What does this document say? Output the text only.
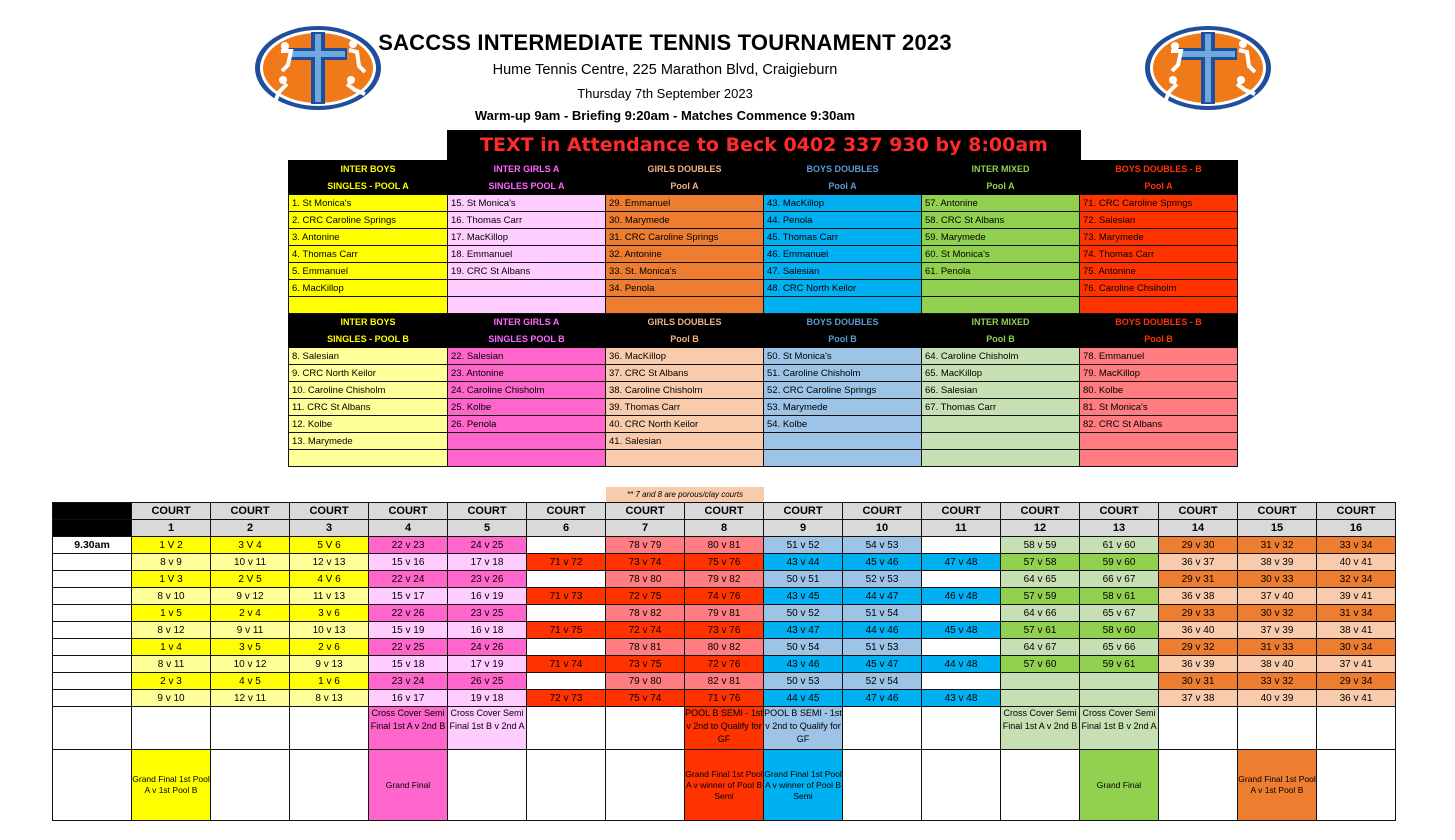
SACCSS INTERMEDIATE TENNIS TOURNAMENT 2023
Hume Tennis Centre, 225 Marathon Blvd, Craigieburn
Thursday 7th September 2023
Warm-up 9am - Briefing 9:20am - Matches Commence 9:30am
TEXT in Attendance to Beck 0402 337 930 by 8:00am
INTER BOYS	INTER GIRLS A	GIRLS DOUBLES	BOYS DOUBLES	INTER MIXED	BOYS DOUBLES - B
SINGLES - POOL A	SINGLES POOL A	Pool A	Pool A	Pool A	Pool A
1. St Monica's	15. St Monica's	29. Emmanuel	43. MacKillop	57. Antonine	71. CRC Caroline Springs
2. CRC Caroline Springs	16. Thomas Carr	30. Marymede	44. Penola	58. CRC St Albans	72. Salesian
3. Antonine	17. MacKillop	31. CRC Caroline Springs	45. Thomas Carr	59. Marymede	73. Marymede
4. Thomas Carr	18. Emmanuel	32. Antonine	46. Emmanuel	60. St Monica's	74. Thomas Carr
5. Emmanuel	19. CRC St Albans	33. St. Monica's	47. Salesian	61. Penola	75. Antonine
6. MacKillop		34. Penola	48. CRC North Keilor		76. Caroline Chsiholm

INTER BOYS	INTER GIRLS A	GIRLS DOUBLES	BOYS DOUBLES	INTER MIXED	BOYS DOUBLES - B
SINGLES - POOL B	SINGLES POOL B	Pool B	Pool B	Pool B	Pool B
8. Salesian	22. Salesian	36. MacKillop	50. St Monica's	64. Caroline Chisholm	78. Emmanuel
9. CRC North Keilor	23. Antonine	37. CRC St Albans	51. Caroline Chisholm	65. MacKillop	79. MacKillop
10. Caroline Chisholm	24. Caroline Chisholm	38. Caroline Chisholm	52. CRC Caroline Springs	66. Salesian	80. Kolbe
11. CRC St Albans	25. Kolbe	39. Thomas Carr	53. Marymede	67. Thomas Carr	81. St Monica's
12. Kolbe	26. Penola	40. CRC North Keilor	54. Kolbe		82. CRC St Albans
13. Marymede		41. Salesian			

** 7 and 8 are porous/clay courts
	COURT	COURT	COURT	COURT	COURT	COURT	COURT	COURT	COURT	COURT	COURT	COURT	COURT	COURT	COURT	COURT
	1	2	3	4	5	6	7	8	9	10	11	12	13	14	15	16
9.30am	1 V 2	3 V 4	5 V 6	22 v 23	24 v 25		78 v 79	80 v 81	51 v 52	54 v 53		58 v 59	61 v 60	29 v 30	31 v 32	33 v 34
	8 v 9	10 v 11	12 v 13	15 v 16	17 v 18	71 v 72	73 v 74	75 v 76	43 v 44	45 v 46	47 v 48	57 v 58	59 v 60	36 v 37	38 v 39	40 v 41
	1 V 3	2 V 5	4 V 6	22 v 24	23 v 26		78 v 80	79 v 82	50 v 51	52 v 53		64 v 65	66 v 67	29 v 31	30 v 33	32 v 34
	8 v 10	9 v 12	11 v 13	15 v 17	16 v 19	71 v 73	72 v 75	74 v 76	43 v 45	44 v 47	46 v 48	57 v 59	58 v 61	36 v 38	37 v 40	39 v 41
	1 v 5	2 v 4	3 v 6	22 v 26	23 v 25		78 v 82	79 v 81	50 v 52	51 v 54		64 v 66	65 v 67	29 v 33	30 v 32	31 v 34
	8 v 12	9 v 11	10 v 13	15 v 19	16 v 18	71 v 75	72 v 74	73 v 76	43 v 47	44 v 46	45 v 48	57 v 61	58 v 60	36 v 40	37 v 39	38 v 41
	1 v 4	3 v 5	2 v 6	22 v 25	24 v 26		78 v 81	80 v 82	50 v 54	51 v 53		64 v 67	65 v 66	29 v 32	31 v 33	30 v 34
	8 v 11	10 v 12	9 v 13	15 v 18	17 v 19	71 v 74	73 v 75	72 v 76	43 v 46	45 v 47	44 v 48	57 v 60	59 v 61	36 v 39	38 v 40	37 v 41
	2 v 3	4 v 5	1 v 6	23 v 24	26 v 25		79 v 80	82 v 81	50 v 53	52 v 54				30 v 31	33 v 32	29 v 34
	9 v 10	12 v 11	8 v 13	16 v 17	19 v 18	72 v 73	75 v 74	71 v 76	44 v 45	47 v 46	43 v 48			37 v 38	40 v 39	36 v 41
				Cross Cover Semi Final 1st A v 2nd B	Cross Cover Semi Final 1st B v 2nd A			POOL B SEMI - 1st v 2nd to Qualify for GF	POOL B SEMI - 1st v 2nd to Qualify for GF			Cross Cover Semi Final 1st A v 2nd B	Cross Cover Semi Final 1st B v 2nd A			
	Grand Final 1st Pool A v 1st Pool B			Grand Final				Grand Final 1st Pool A v winner of Pool B Semi	Grand Final 1st Pool A v winner of Pool B Semi				Grand Final		Grand Final 1st Pool A v 1st Pool B	
